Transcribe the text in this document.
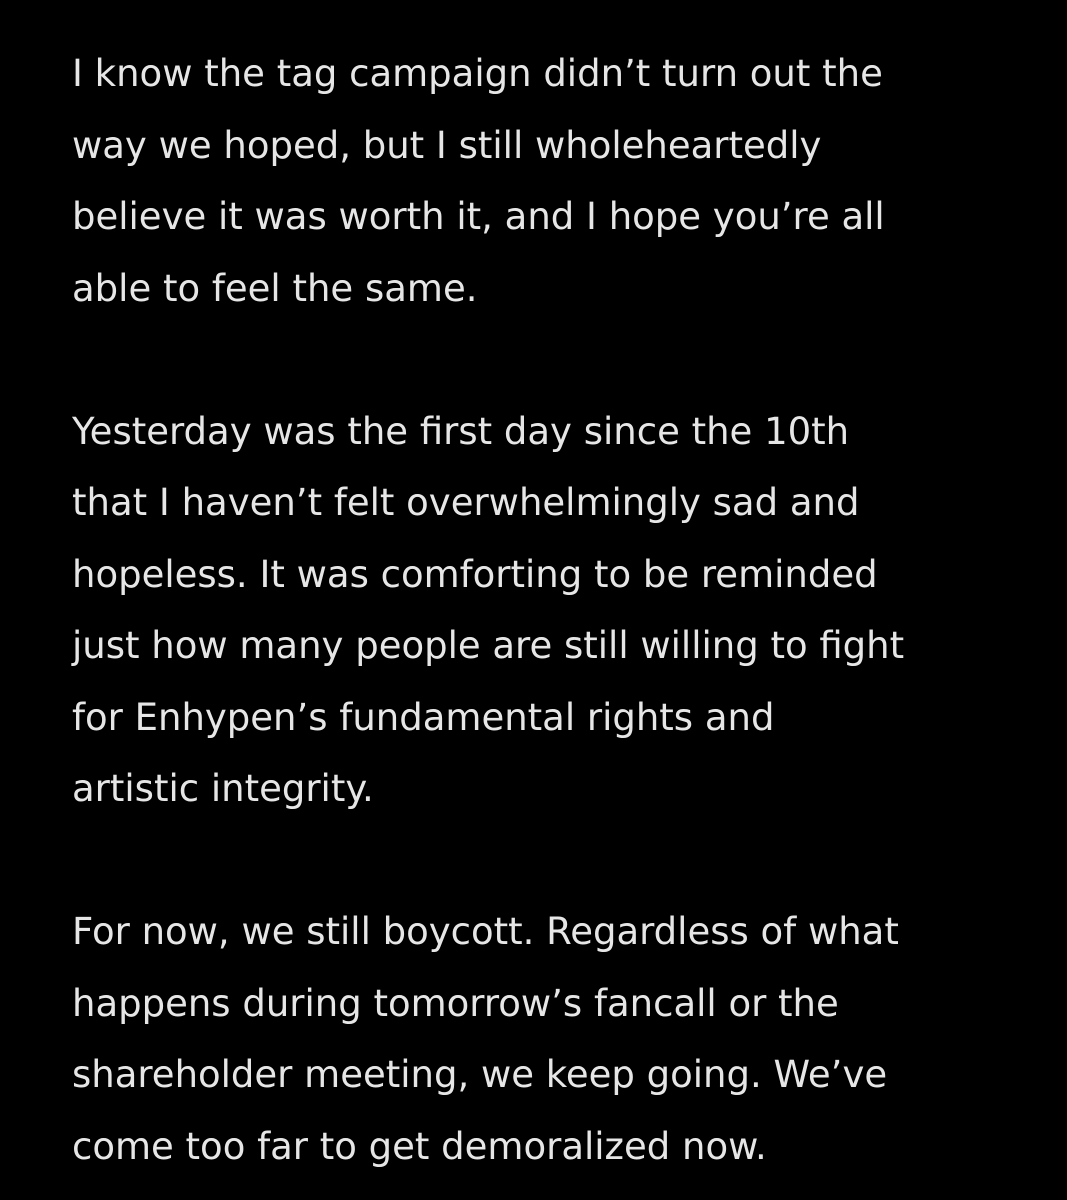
I know the tag campaign didn’t turn out the
way we hoped, but I still wholeheartedly
believe it was worth it, and I hope you’re all
able to feel the same.
Yesterday was the first day since the 10th
that I haven’t felt overwhelmingly sad and
hopeless. It was comforting to be reminded
just how many people are still willing to fight
for Enhypen’s fundamental rights and
artistic integrity.
For now, we still boycott. Regardless of what
happens during tomorrow’s fancall or the
shareholder meeting, we keep going. We’ve
come too far to get demoralized now.
